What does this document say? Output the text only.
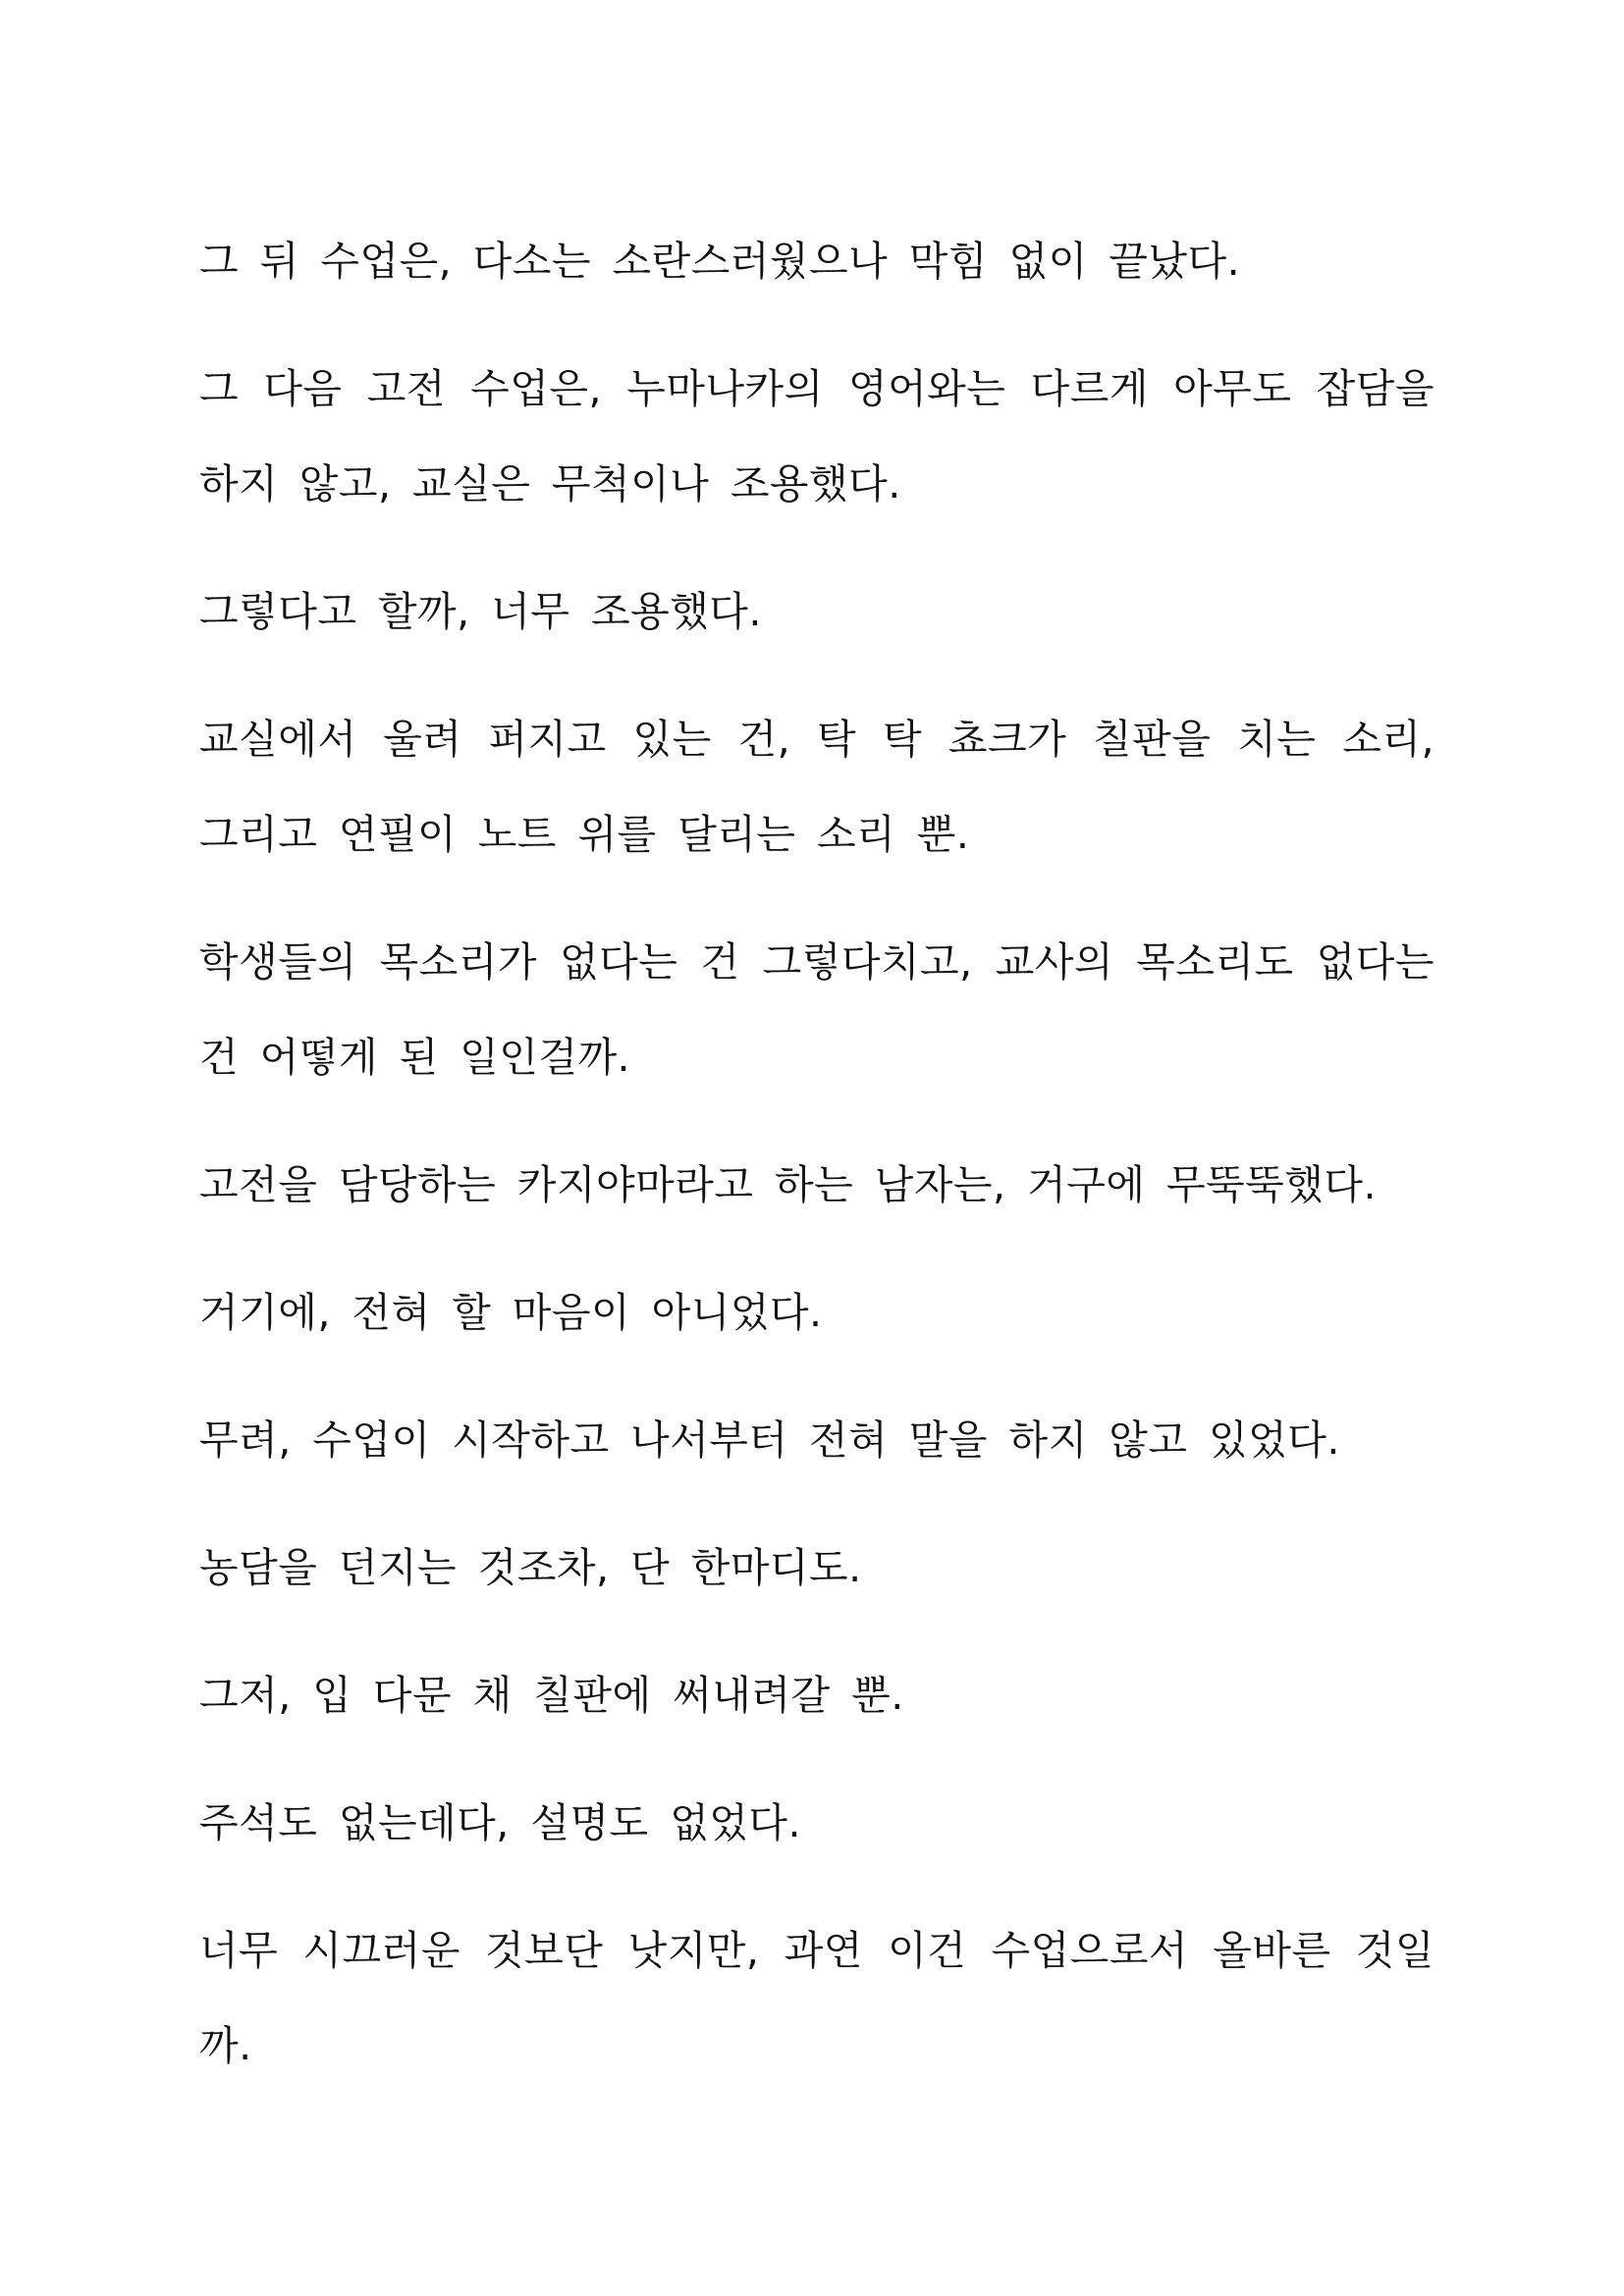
그 뒤 수업은, 다소는 소란스러웠으나 막힘 없이 끝났다.

그 다음 고전 수업은, 누마나카의 영어와는 다르게 아무도 잡담을 하지 않고, 교실은 무척이나 조용했다.

그렇다고 할까, 너무 조용했다.

교실에서 울려 퍼지고 있는 건, 탁 탁 쵸크가 칠판을 치는 소리, 그리고 연필이 노트 위를 달리는 소리 뿐.

학생들의 목소리가 없다는 건 그렇다치고, 교사의 목소리도 없다는 건 어떻게 된 일인걸까.

고전을 담당하는 카지야마라고 하는 남자는, 거구에 무뚝뚝했다.

거기에, 전혀 할 마음이 아니었다.

무려, 수업이 시작하고 나서부터 전혀 말을 하지 않고 있었다.

농담을 던지는 것조차, 단 한마디도.

그저, 입 다문 채 칠판에 써내려갈 뿐.

주석도 없는데다, 설명도 없었다.

너무 시끄러운 것보단 낫지만, 과연 이건 수업으로서 올바른 것일까.
